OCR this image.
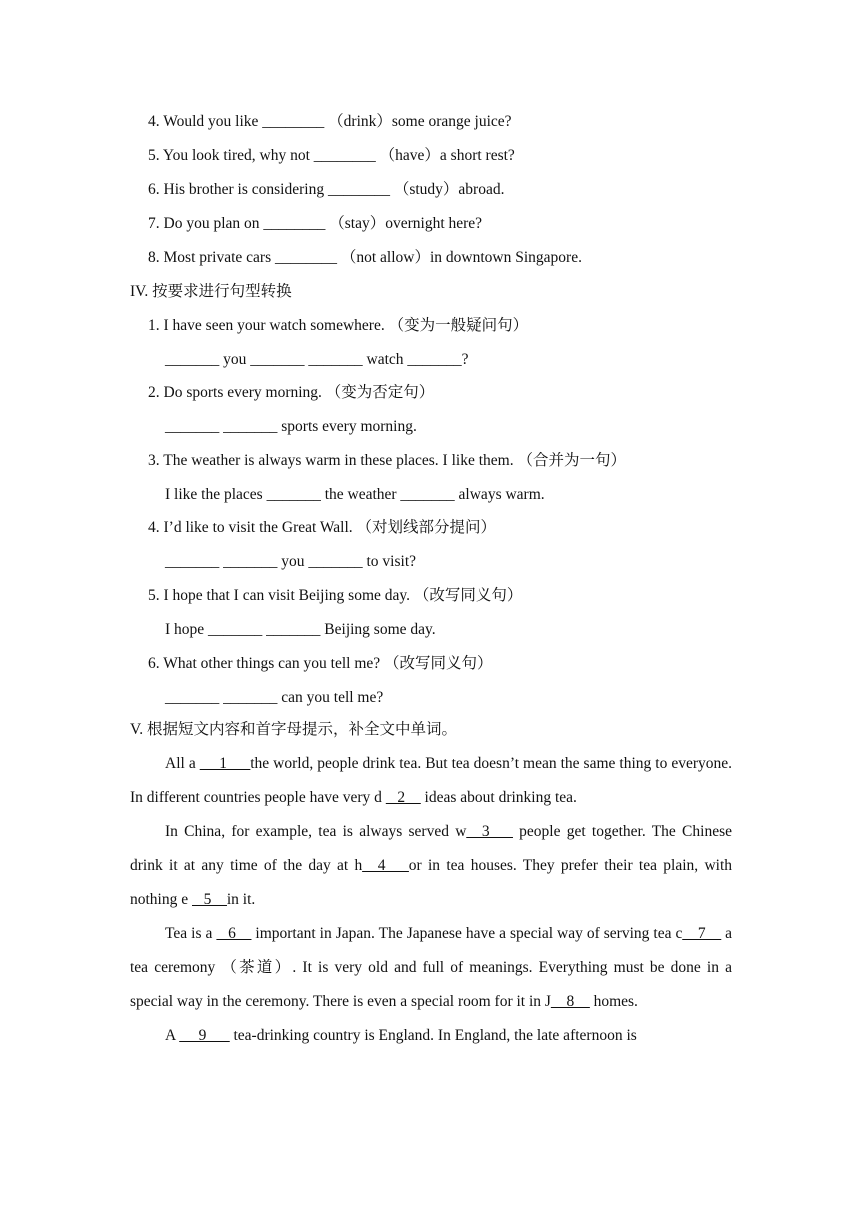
4. Would you like ________ （drink）some orange juice?
5. You look tired, why not ________ （have）a short rest?
6. His brother is considering ________ （study）abroad.
7. Do you plan on ________ （stay）overnight here?
8. Most private cars ________ （not allow）in downtown Singapore.
IV. 按要求进行句型转换
1. I have seen your watch somewhere. （变为一般疑问句）
_______ you _______ _______ watch _______?
2. Do sports every morning. （变为否定句）
_______ _______ sports every morning.
3. The weather is always warm in these places. I like them. （合并为一句）
I like the places _______ the weather _______ always warm.
4. I’d like to visit the Great Wall. （对划线部分提问）
_______ _______ you _______ to visit?
5. I hope that I can visit Beijing some day. （改写同义句）
I hope _______ _______ Beijing some day.
6. What other things can you tell me? （改写同义句）
_______ _______ can you tell me?
V. 根据短文内容和首字母提示，补全文中单词。

All a  __1___the world, people drink tea. But tea doesn’t mean the same thing to everyone. In different countries people have very d  _2__ ideas about drinking tea.

In China, for example, tea is always served w__3___ people get together. The Chinese drink it at any time of the day at h__4___or in tea houses. They prefer their tea plain, with nothing e  _5__in it.

Tea is a  _6__ important in Japan. The Japanese have a special way of serving tea c__7__ a tea ceremony （茶道）. It is very old and full of meanings. Everything must be done in a special way in the ceremony. There is even a special room for it in J__8__ homes.

A  __9___ tea-drinking country is England. In England, the late afternoon is
